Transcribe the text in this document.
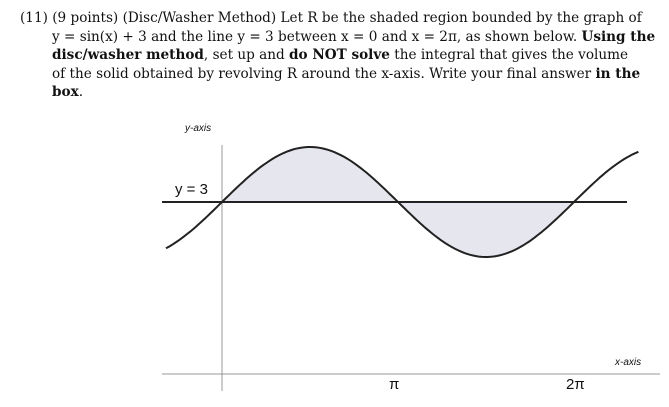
(11) (9 points) (Disc/Washer Method) Let R be the shaded region bounded by the graph of
y = sin(x) + 3 and the line y = 3 between x = 0 and x = 2π, as shown below. Using the
disc/washer method, set up and do NOT solve the integral that gives the volume
of the solid obtained by revolving R around the x-axis. Write your final answer in the
box.
y-axis
x-axis
y = 3
π	2π
